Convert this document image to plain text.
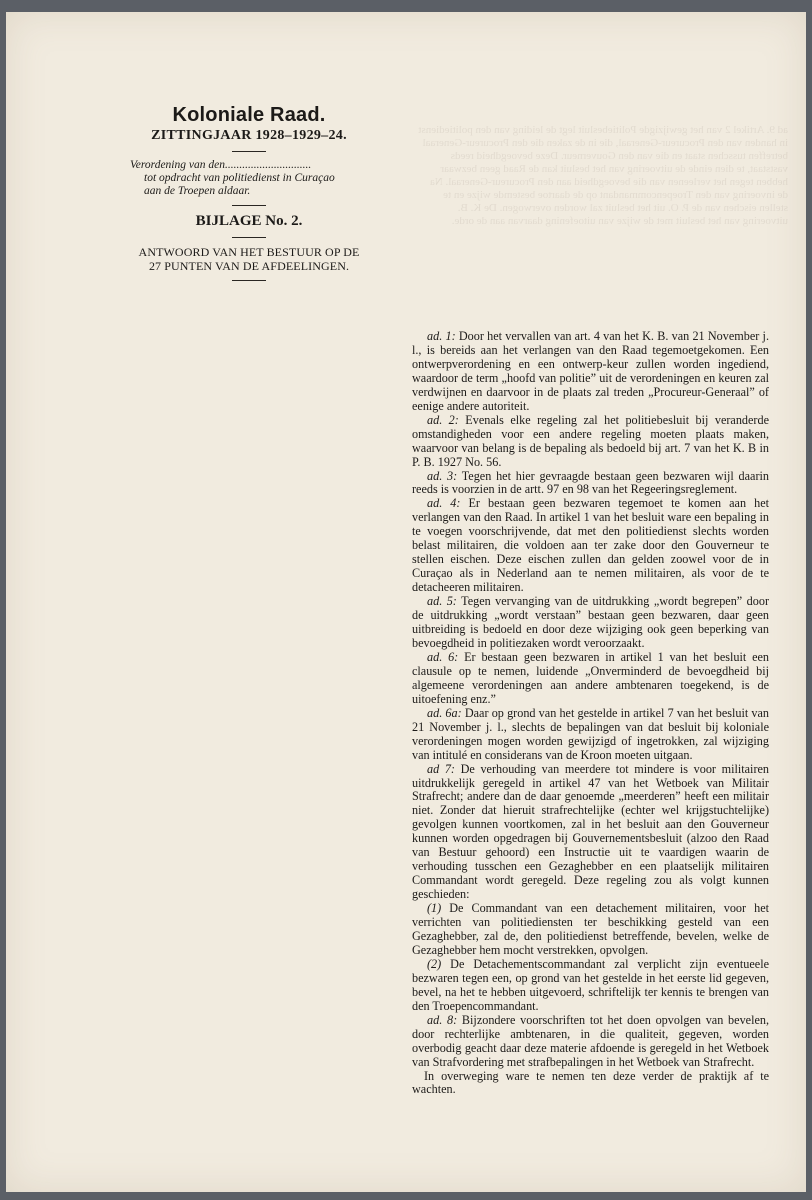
ad 9. Artikel 2 van het gewijzigde Politiebesluit legt de leiding van den politiedienst in handen van den Procureur-Generaal, die in de zaken die den Procureur-Generaal betreffen tusschen staat en die van den Gouverneur. Deze bevoegdheid reeds vaststaat, te dien einde de uitvoering van het besluit kan de Raad geen bezwaar hebben tegen het verleenen van die bevoegdheid aan den Procureur-Generaal. Na de invoering van den Troepencommandant op de daartoe bestemde wijze en te stellen eischen van de P. O. uit het besluit zal worden overwogen. De K. B. uitvoering van het besluit met de wijze van uitoefening daarvan aan de orde.
Koloniale Raad.
ZITTINGJAAR 1928–1929–24.
Verordening van den..............................
tot opdracht van politiedienst in Curaçao
aan de Troepen aldaar.
BIJLAGE No. 2.
ANTWOORD VAN HET BESTUUR OP DE
27 PUNTEN VAN DE AFDEELINGEN.

ad. 1: Door het vervallen van art. 4 van het K. B. van 21 November j. l., is bereids aan het verlangen van den Raad tegemoetgekomen. Een ontwerpverordening en een ontwerp-keur zullen worden ingediend, waardoor de term „hoofd van politie” uit de verordeningen en keuren zal verdwijnen en daarvoor in de plaats zal treden „Procureur-Generaal” of eenige andere autoriteit.

ad. 2: Evenals elke regeling zal het politiebesluit bij veranderde omstandigheden voor een andere regeling moeten plaats maken, waarvoor van belang is de bepaling als bedoeld bij art. 7 van het K. B in P. B. 1927 No. 56.

ad. 3: Tegen het hier gevraagde bestaan geen bezwaren wijl daarin reeds is voorzien in de artt. 97 en 98 van het Regeeringsreglement.

ad. 4: Er bestaan geen bezwaren tegemoet te komen aan het verlangen van den Raad. In artikel 1 van het besluit ware een bepaling in te voegen voorschrijvende, dat met den politiedienst slechts worden belast militairen, die voldoen aan ter zake door den Gouverneur te stellen eischen. Deze eischen zullen dan gelden zoowel voor de in Curaçao als in Nederland aan te nemen militairen, als voor de te detacheeren militairen.

ad. 5: Tegen vervanging van de uitdrukking „wordt begrepen” door de uitdrukking „wordt verstaan” bestaan geen bezwaren, daar geen uitbreiding is bedoeld en door deze wijziging ook geen beperking van bevoegdheid in politiezaken wordt veroorzaakt.

ad. 6: Er bestaan geen bezwaren in artikel 1 van het besluit een clausule op te nemen, luidende „Onverminderd de bevoegdheid bij algemeene verordeningen aan andere ambtenaren toegekend, is de uitoefening enz.”

ad. 6a: Daar op grond van het gestelde in artikel 7 van het besluit van 21 November j. l., slechts de bepalingen van dat besluit bij koloniale verordeningen mogen worden gewijzigd of ingetrokken, zal wijziging van intitulé en considerans van de Kroon moeten uitgaan.

ad 7: De verhouding van meerdere tot mindere is voor militairen uitdrukkelijk geregeld in artikel 47 van het Wetboek van Militair Strafrecht; andere dan de daar genoemde „meerderen” heeft een militair niet. Zonder dat hieruit strafrechtelijke (echter wel krijgstuchtelijke) gevolgen kunnen voortkomen, zal in het besluit aan den Gouverneur kunnen worden opgedragen bij Gouvernementsbesluit (alzoo den Raad van Bestuur gehoord) een Instructie uit te vaardigen waarin de verhouding tusschen een Gezaghebber en een plaatselijk militairen Commandant wordt geregeld. Deze regeling zou als volgt kunnen geschieden:

(1) De Commandant van een detachement militairen, voor het verrichten van politiediensten ter beschikking gesteld van een Gezaghebber, zal de, den politiedienst betreffende, bevelen, welke de Gezaghebber hem mocht verstrekken, opvolgen.

(2) De Detachementscommandant zal verplicht zijn eventueele bezwaren tegen een, op grond van het gestelde in het eerste lid gegeven, bevel, na het te hebben uitgevoerd, schriftelijk ter kennis te brengen van den Troepencommandant.

ad. 8: Bijzondere voorschriften tot het doen opvolgen van bevelen, door rechterlijke ambtenaren, in die qualiteit, gegeven, worden overbodig geacht daar deze materie afdoende is geregeld in het Wetboek van Strafvordering met strafbepalingen in het Wetboek van Strafrecht.

In overweging ware te nemen ten deze verder de praktijk af te wachten.
